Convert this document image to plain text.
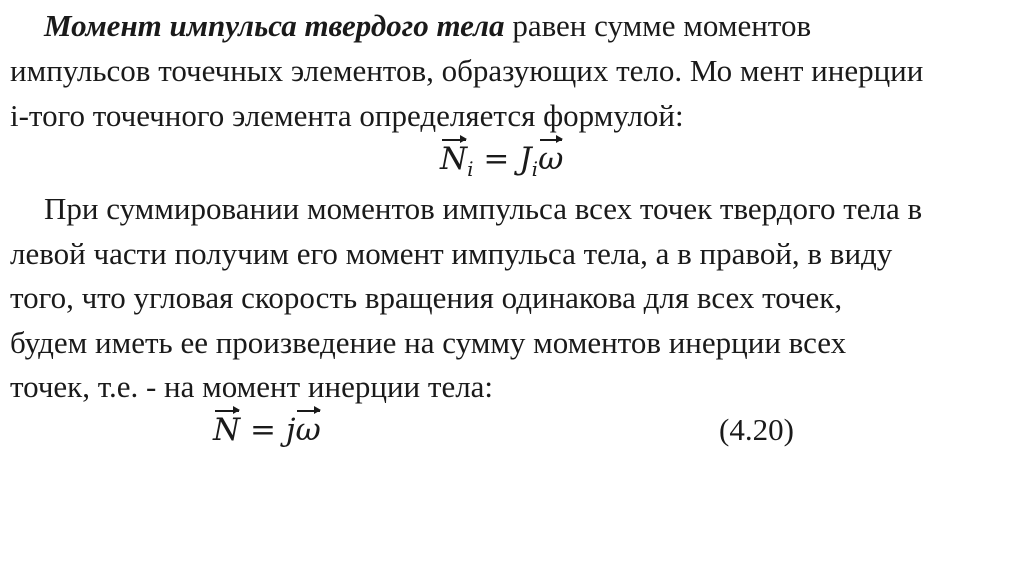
Момент импульса твердого тела равен сумме моментов
импульсов точечных элементов, образующих тело. Мо мент инерции
i-того точечного элемента определяется формулой:
$N_i = J_i\omega$
При суммировании моментов импульса всех точек твердого тела в
левой части получим его момент импульса тела, а в правой, в виду
того, что угловая скорость вращения одинакова для всех точек,
будем иметь ее произведение на сумму моментов инерции всех
точек, т.е. - на момент инерции тела:
N = jω	(4.20)
